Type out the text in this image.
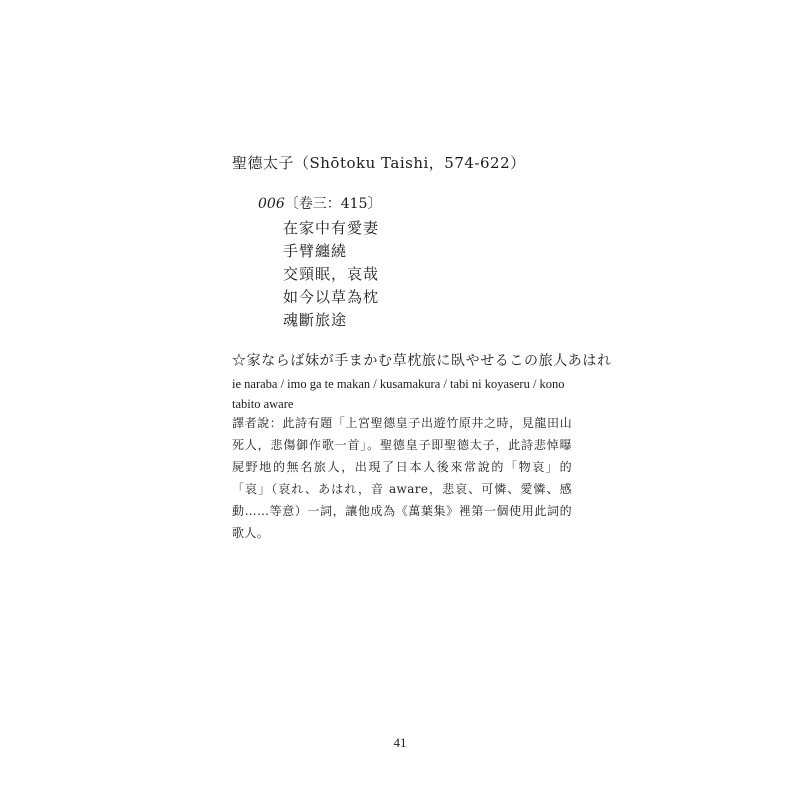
聖德太子（Shōtoku Taishi，574-622）
006〔卷三：415〕
在家中有愛妻
手臂纏繞
交頸眠，哀哉
如今以草為枕
魂斷旅途
☆家ならば妹が手まかむ草枕旅に臥やせるこの旅人あはれ
ie naraba / imo ga te makan / kusamakura / tabi ni koyaseru / kono tabito aware
譯者說：此詩有題「上宮聖德皇子出遊竹原井之時，見龍田山死人，悲傷御作歌一首」。聖德皇子即聖德太子，此詩悲悼曝屍野地的無名旅人，出現了日本人後來常說的「物哀」的「哀」（哀れ、あはれ，音 aware，悲哀、可憐、愛憐、感動……等意）一詞，讓他成為《萬葉集》裡第一個使用此詞的歌人。
41
